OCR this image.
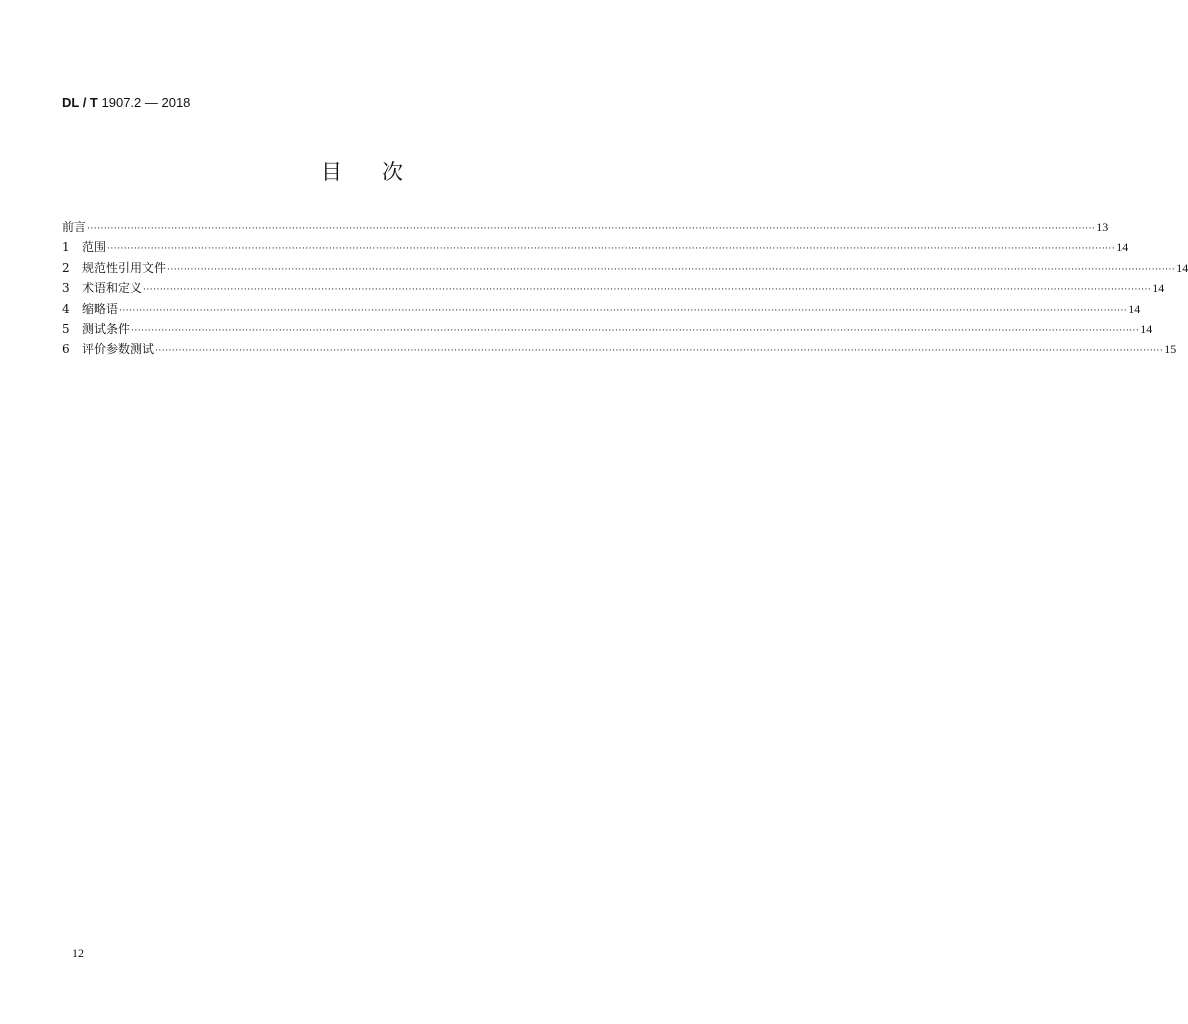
DL / T 1907.2 — 2018
目 次
前言 ············································································································································································································································································································ 13
1	范围 ············································································································································································································································································································ 14
2	规范性引用文件 ············································································································································································································································································································ 14
3	术语和定义 ············································································································································································································································································································ 14
4	缩略语 ············································································································································································································································································································ 14
5	测试条件 ············································································································································································································································································································ 14
6	评价参数测试 ············································································································································································································································································································ 15
12
